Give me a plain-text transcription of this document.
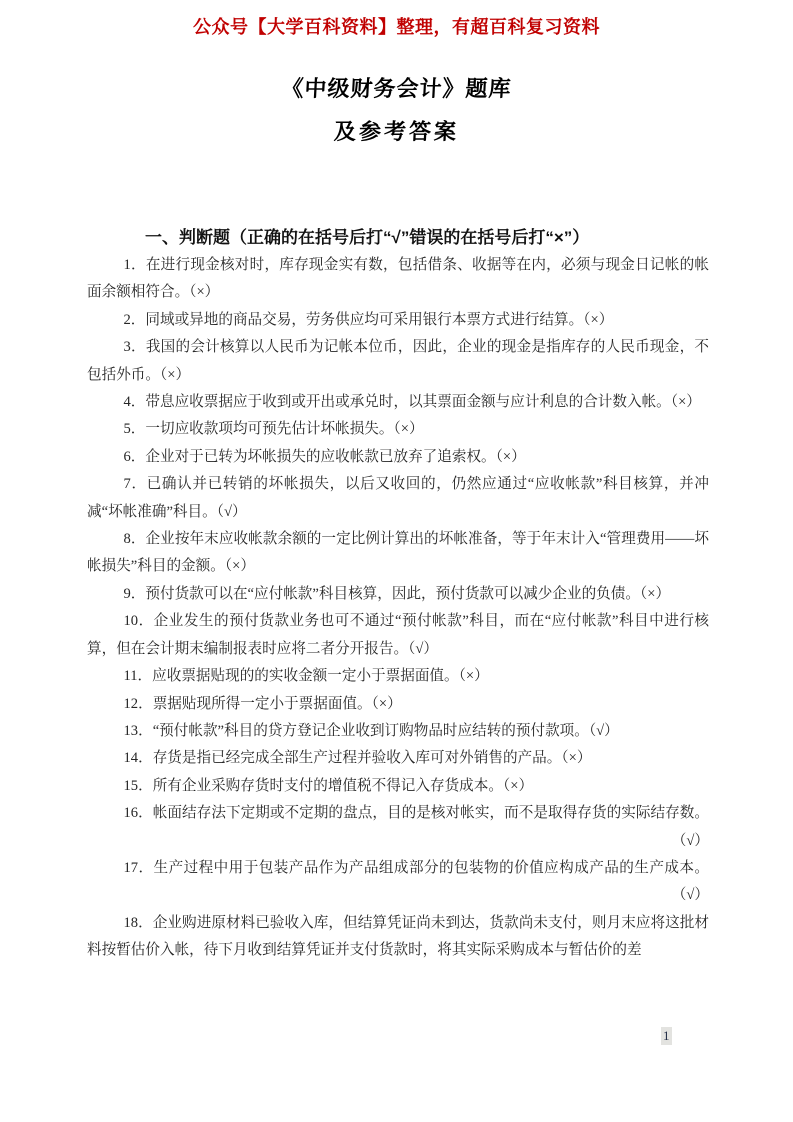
公众号【大学百科资料】整理，有超百科复习资料
《中级财务会计》题库
及参考答案
一、判断题（正确的在括号后打“√”错误的在括号后打“×”）

1．在进行现金核对时，库存现金实有数，包括借条、收据等在内，必须与现金日记帐的帐面余额相符合。（×）

2．同域或异地的商品交易，劳务供应均可采用银行本票方式进行结算。（×）

3．我国的会计核算以人民币为记帐本位币，因此，企业的现金是指库存的人民币现金，不包括外币。（×）

4．带息应收票据应于收到或开出或承兑时，以其票面金额与应计利息的合计数入帐。（×）

5．一切应收款项均可预先估计坏帐损失。（×）

6．企业对于已转为坏帐损失的应收帐款已放弃了追索权。（×）

7．已确认并已转销的坏帐损失，以后又收回的，仍然应通过“应收帐款”科目核算，并冲减“坏帐准确”科目。（√）

8．企业按年末应收帐款余额的一定比例计算出的坏帐准备，等于年末计入“管理费用——坏帐损失”科目的金额。（×）

9．预付货款可以在“应付帐款”科目核算，因此，预付货款可以减少企业的负债。（×）

10．企业发生的预付货款业务也可不通过“预付帐款”科目，而在“应付帐款”科目中进行核算，但在会计期末编制报表时应将二者分开报告。（√）

11．应收票据贴现的的实收金额一定小于票据面值。（×）

12．票据贴现所得一定小于票据面值。（×）

13．“预付帐款”科目的贷方登记企业收到订购物品时应结转的预付款项。（√）

14．存货是指已经完成全部生产过程并验收入库可对外销售的产品。（×）

15．所有企业采购存货时支付的增值税不得记入存货成本。（×）

16．帐面结存法下定期或不定期的盘点，目的是核对帐实，而不是取得存货的实际结存数。（√）

17．生产过程中用于包装产品作为产品组成部分的包装物的价值应构成产品的生产成本。（√）

18．企业购进原材料已验收入库，但结算凭证尚未到达，货款尚未支付，则月末应将这批材料按暂估价入帐，待下月收到结算凭证并支付货款时，将其实际采购成本与暂估价的差

1
